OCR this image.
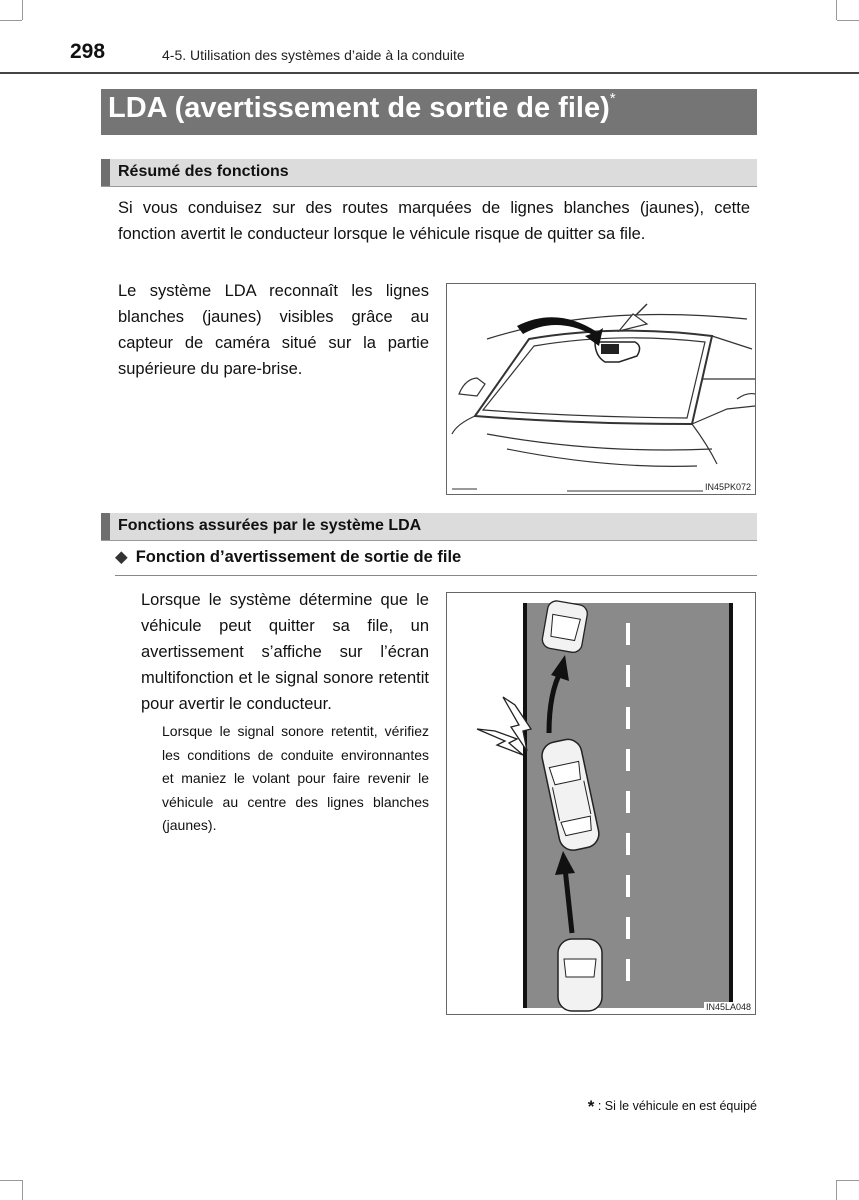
298	4-5. Utilisation des systèmes d’aide à la conduite
LDA (avertissement de sortie de file)*
Résumé des fonctions

Si vous conduisez sur des routes marquées de lignes blanches (jaunes), cette fonction avertit le conducteur lorsque le véhicule risque de quitter sa file.

Le système LDA reconnaît les lignes blanches (jaunes) visibles grâce au capteur de caméra situé sur la partie supérieure du pare-brise.

IN45PK072
Fonctions assurées par le système LDA
◆ Fonction d’avertissement de sortie de file

Lorsque le système détermine que le véhicule peut quitter sa file, un avertissement s’affiche sur l’écran multifonction et le signal sonore retentit pour avertir le conducteur.

Lorsque le signal sonore retentit, vérifiez les conditions de conduite environnantes et maniez le volant pour faire revenir le véhicule au centre des lignes blanches (jaunes).

IN45LA048
* : Si le véhicule en est équipé
